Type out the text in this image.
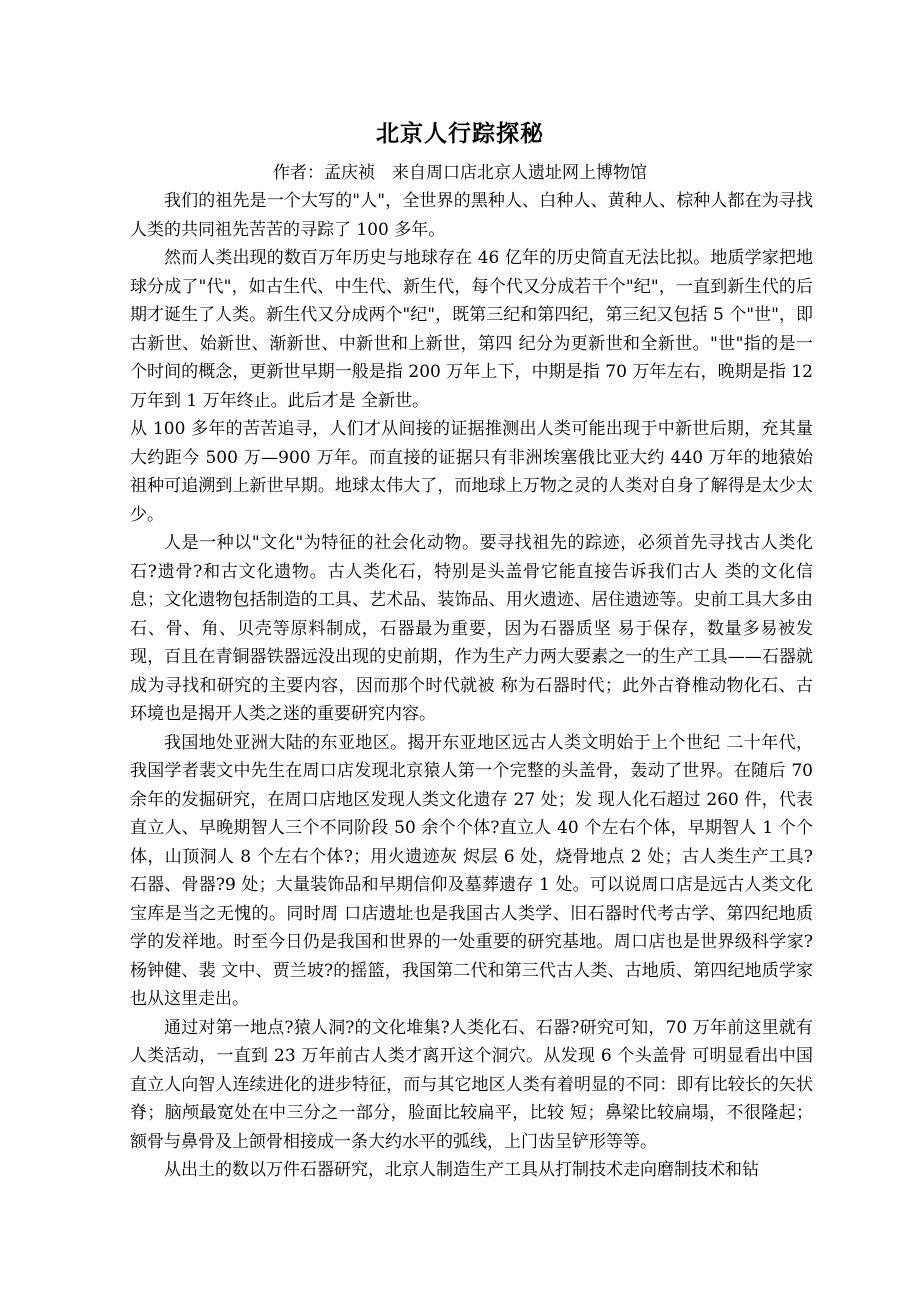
北京人行踪探秘
作者：孟庆祯　来自周口店北京人遗址网上博物馆

我们的祖先是一个大写的"人"，全世界的黑种人、白种人、黄种人、棕种人都在为寻找人类的共同祖先苦苦的寻踪了 100 多年。

然而人类出现的数百万年历史与地球存在 46 亿年的历史简直无法比拟。地质学家把地球分成了"代"，如古生代、中生代、新生代，每个代又分成若干个"纪"，一直到新生代的后期才诞生了人类。新生代又分成两个"纪"，既第三纪和第四纪，第三纪又包括 5 个"世"，即古新世、始新世、渐新世、中新世和上新世，第四 纪分为更新世和全新世。"世"指的是一个时间的概念，更新世早期一般是指 200 万年上下，中期是指 70 万年左右，晚期是指 12 万年到 1 万年终止。此后才是 全新世。

从 100 多年的苦苦追寻，人们才从间接的证据推测出人类可能出现于中新世后期，充其量大约距今 500 万—900 万年。而直接的证据只有非洲埃塞俄比亚大约 440 万年的地猿始祖种可追溯到上新世早期。地球太伟大了，而地球上万物之灵的人类对自身了解得是太少太少。

人是一种以"文化"为特征的社会化动物。要寻找祖先的踪迹，必须首先寻找古人类化石?遗骨?和古文化遗物。古人类化石，特别是头盖骨它能直接告诉我们古人 类的文化信息；文化遗物包括制造的工具、艺术品、装饰品、用火遗迹、居住遗迹等。史前工具大多由石、骨、角、贝壳等原料制成，石器最为重要，因为石器质坚 易于保存，数量多易被发现，百且在青铜器铁器远没出现的史前期，作为生产力两大要素之一的生产工具——石器就成为寻找和研究的主要内容，因而那个时代就被 称为石器时代；此外古脊椎动物化石、古环境也是揭开人类之迷的重要研究内容。

我国地处亚洲大陆的东亚地区。揭开东亚地区远古人类文明始于上个世纪 二十年代，我国学者裴文中先生在周口店发现北京猿人第一个完整的头盖骨，轰动了世界。在随后 70 余年的发掘研究，在周口店地区发现人类文化遗存 27 处；发 现人化石超过 260 件，代表直立人、早晚期智人三个不同阶段 50 余个个体?直立人 40 个左右个体，早期智人 1 个个体，山顶洞人 8 个左右个体?；用火遗迹灰 烬层 6 处，烧骨地点 2 处；古人类生产工具?石器、骨器?9 处；大量装饰品和早期信仰及墓葬遗存 1 处。可以说周口店是远古人类文化宝库是当之无愧的。同时周 口店遗址也是我国古人类学、旧石器时代考古学、第四纪地质学的发祥地。时至今日仍是我国和世界的一处重要的研究基地。周口店也是世界级科学家?杨钟健、裴 文中、贾兰坡?的摇篮，我国第二代和第三代古人类、古地质、第四纪地质学家也从这里走出。

通过对第一地点?猿人洞?的文化堆集?人类化石、石器?研究可知，70 万年前这里就有人类活动，一直到 23 万年前古人类才离开这个洞穴。从发现 6 个头盖骨 可明显看出中国直立人向智人连续进化的进步特征，而与其它地区人类有着明显的不同：即有比较长的矢状脊；脑颅最宽处在中三分之一部分，脸面比较扁平，比较 短；鼻梁比较扁塌，不很隆起；额骨与鼻骨及上颌骨相接成一条大约水平的弧线，上门齿呈铲形等等。

从出土的数以万件石器研究，北京人制造生产工具从打制技术走向磨制技术和钻
